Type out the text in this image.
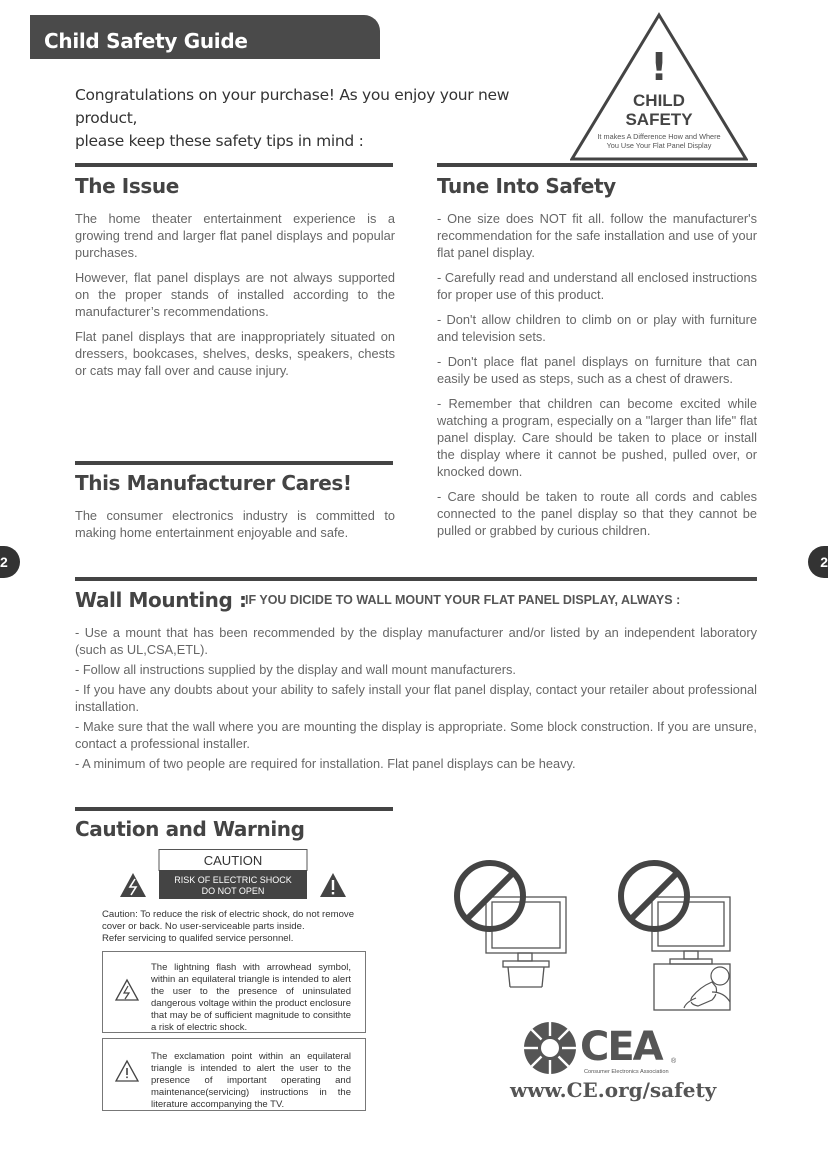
Child Safety Guide
Congratulations on your purchase! As you enjoy your new product,
please keep these safety tips in mind :
!
CHILD
SAFETY
It makes A Difference How and Where
You Use Your Flat Panel Display
The Issue

The home theater entertainment experience is a growing trend and larger flat panel displays and popular purchases.

However, flat panel displays are not always supported on the proper stands of installed according to the manufacturer’s recommendations.

Flat panel displays that are inappropriately situated on dressers, bookcases, shelves, desks, speakers, chests or cats may fall over and cause injury.

This Manufacturer Cares!

The consumer electronics industry is committed to making home entertainment enjoyable and safe.

Tune Into Safety

- One size does NOT fit all. follow the manufacturer's recommendation for the safe installation and use of your flat panel display.

- Carefully read and understand all enclosed instructions for proper use of this product.

- Don't allow children to climb on or play with furniture and television sets.

- Don't place flat panel displays on furniture that can easily be used as steps, such as a chest of drawers.

- Remember that children can become excited while watching a program, especially on a "larger than life" flat panel display. Care should be taken to place or install the display where it cannot be pushed, pulled over, or knocked down.

- Care should be taken to route all cords and cables connected to the panel display so that they cannot be pulled or grabbed by curious children.

2	2
Wall Mounting :
IF YOU DICIDE TO WALL MOUNT YOUR FLAT PANEL DISPLAY, ALWAYS :

- Use a mount that has been recommended by the display manufacturer and/or listed by an independent laboratory (such as UL,CSA,ETL).

- Follow all instructions supplied by the display and wall mount manufacturers.

- If you have any doubts about your ability to safely install your flat panel display, contact your retailer about professional installation.

- Make sure that the wall where you are mounting the display is appropriate. Some block construction. If you are unsure, contact a professional installer.

- A minimum of two people are required for installation. Flat panel displays can be heavy.

Caution and Warning
CAUTION
RISK OF ELECTRIC SHOCK
DO NOT OPEN
Caution: To reduce the risk of electric shock, do not remove
cover or back. No user-serviceable parts inside.
Refer servicing to qualifed service personnel.
The lightning flash with arrowhead symbol, within an equilateral triangle is intended to alert the user to the presence of uninsulated dangerous voltage within the product enclosure that may be of sufficient magnitude to consithte a risk of electric shock.
The exclamation point within an equilateral triangle is intended to alert the user to the presence of important operating and maintenance(servicing) instructions in the literature accompanying the TV.
CEA ®
Consumer Electronics Association
www.CE.org/safety
